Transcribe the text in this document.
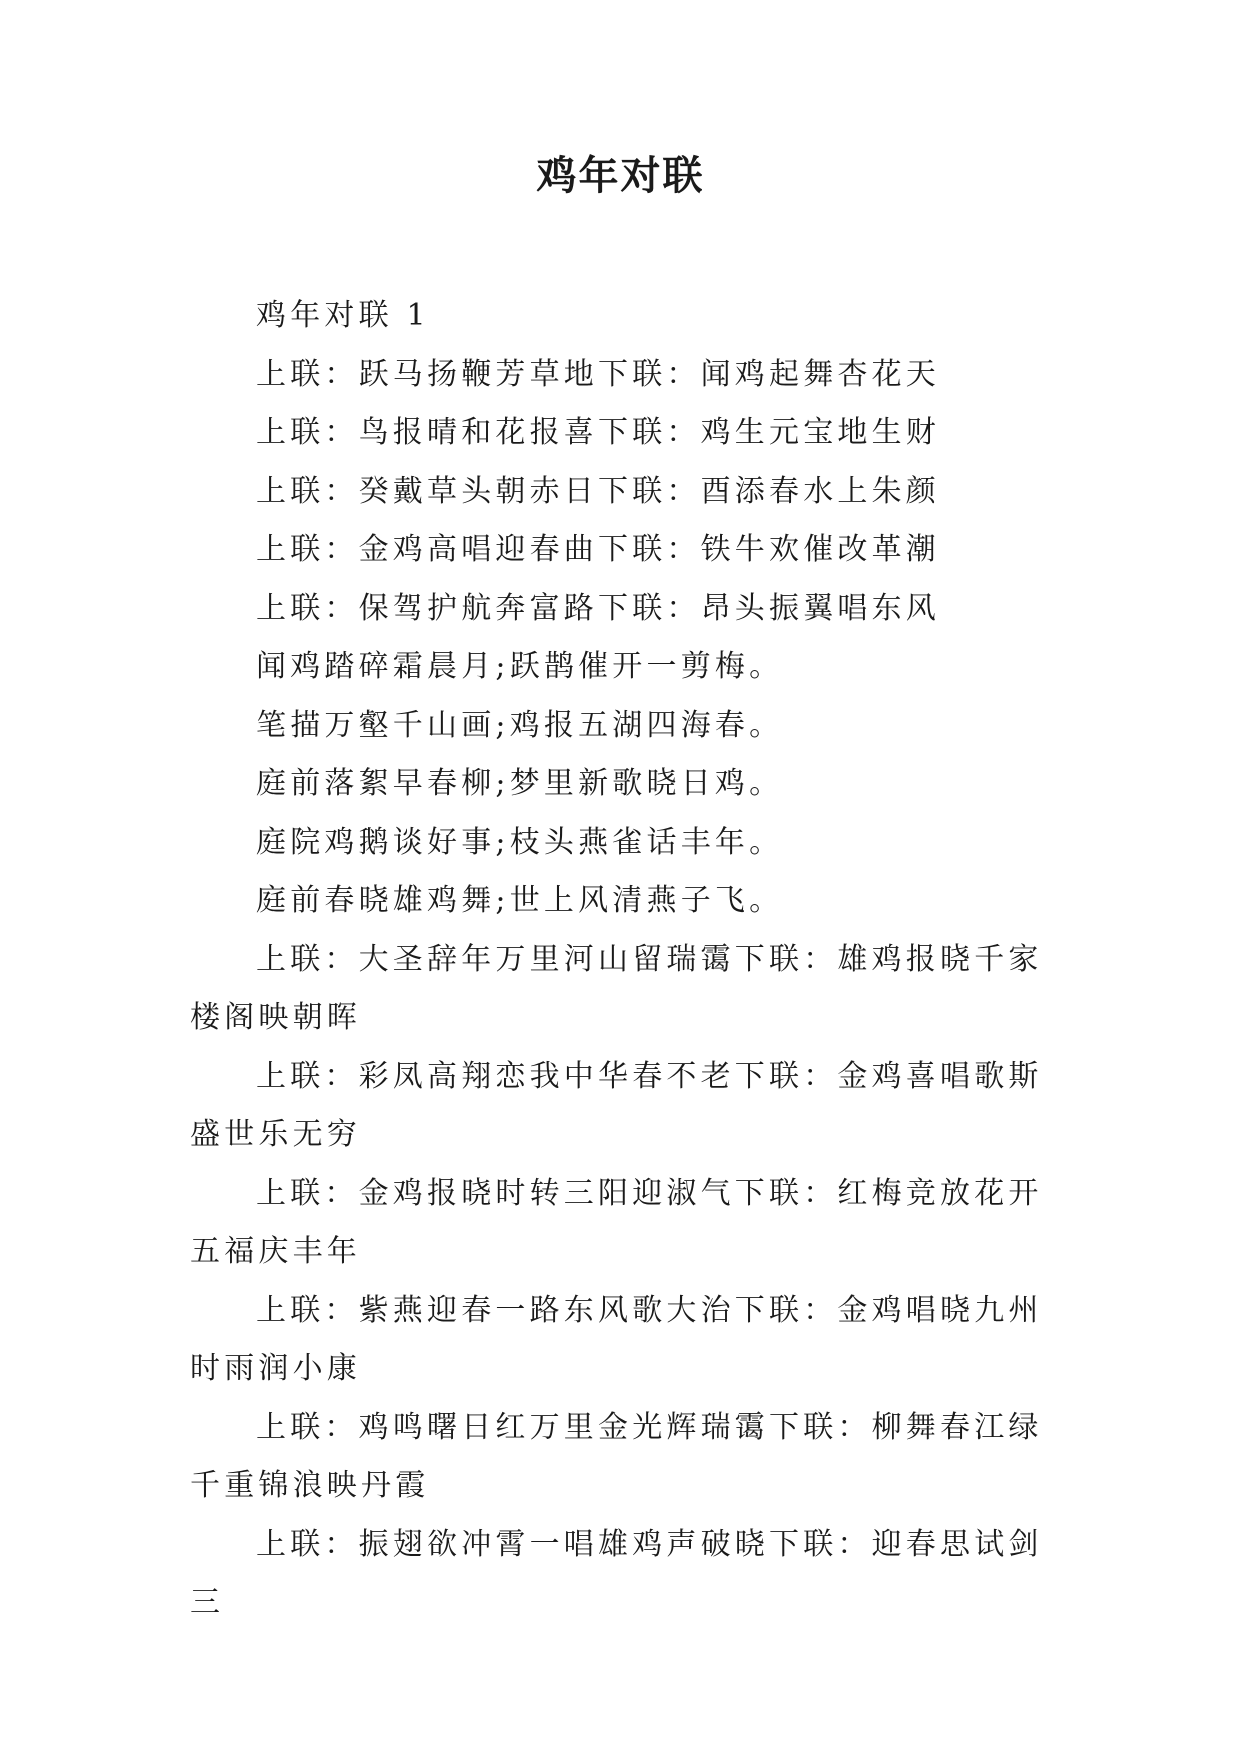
鸡年对联

鸡年对联 1

上联：跃马扬鞭芳草地下联：闻鸡起舞杏花天

上联：鸟报晴和花报喜下联：鸡生元宝地生财

上联：癸戴草头朝赤日下联：酉添春水上朱颜

上联：金鸡高唱迎春曲下联：铁牛欢催改革潮

上联：保驾护航奔富路下联：昂头振翼唱东风

闻鸡踏碎霜晨月;跃鹊催开一剪梅。

笔描万壑千山画;鸡报五湖四海春。

庭前落絮早春柳;梦里新歌晓日鸡。

庭院鸡鹅谈好事;枝头燕雀话丰年。

庭前春晓雄鸡舞;世上风清燕子飞。

上联：大圣辞年万里河山留瑞霭下联：雄鸡报晓千家楼阁映朝晖

上联：彩凤高翔恋我中华春不老下联：金鸡喜唱歌斯盛世乐无穷

上联：金鸡报晓时转三阳迎淑气下联：红梅竞放花开五福庆丰年

上联：紫燕迎春一路东风歌大治下联：金鸡唱晓九州时雨润小康

上联：鸡鸣曙日红万里金光辉瑞霭下联：柳舞春江绿千重锦浪映丹霞

上联：振翅欲冲霄一唱雄鸡声破晓下联：迎春思试剑三
